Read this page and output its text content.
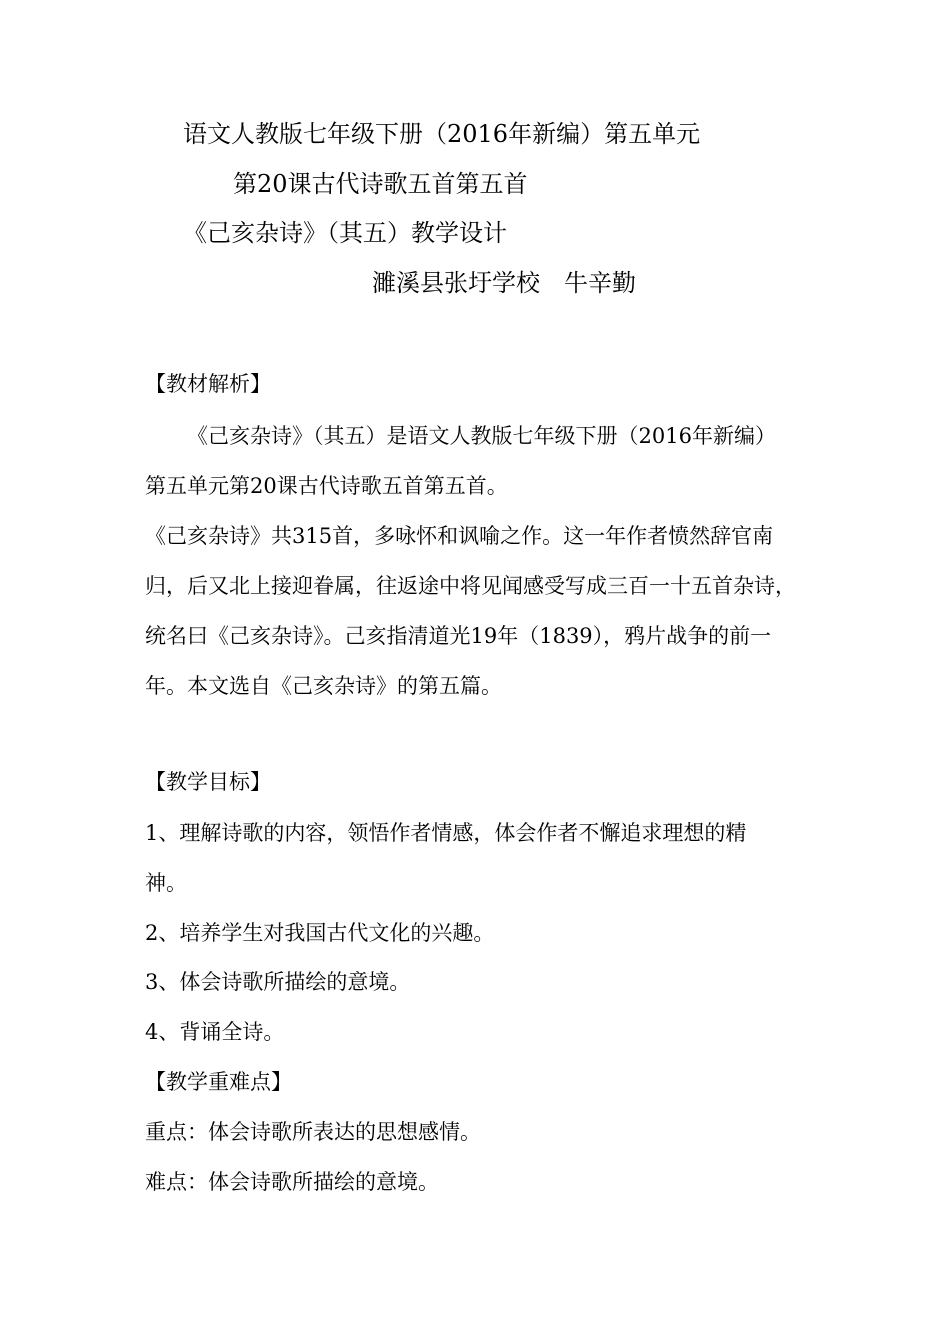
语文人教版七年级下册（2016年新编）第五单元
第20课古代诗歌五首第五首
《己亥杂诗》（其五）教学设计
濉溪县张圩学校　牛辛勤
【教材解析】
《己亥杂诗》（其五）是语文人教版七年级下册（2016年新编）
第五单元第20课古代诗歌五首第五首。
《己亥杂诗》共315首，多咏怀和讽喻之作。这一年作者愤然辞官南
归，后又北上接迎眷属，往返途中将见闻感受写成三百一十五首杂诗，
统名曰《己亥杂诗》。己亥指清道光19年（1839），鸦片战争的前一
年。本文选自《己亥杂诗》的第五篇。
【教学目标】
1、理解诗歌的内容，领悟作者情感，体会作者不懈追求理想的精
神。
2、培养学生对我国古代文化的兴趣。
3、体会诗歌所描绘的意境。
4、背诵全诗。
【教学重难点】
重点：体会诗歌所表达的思想感情。
难点：体会诗歌所描绘的意境。
